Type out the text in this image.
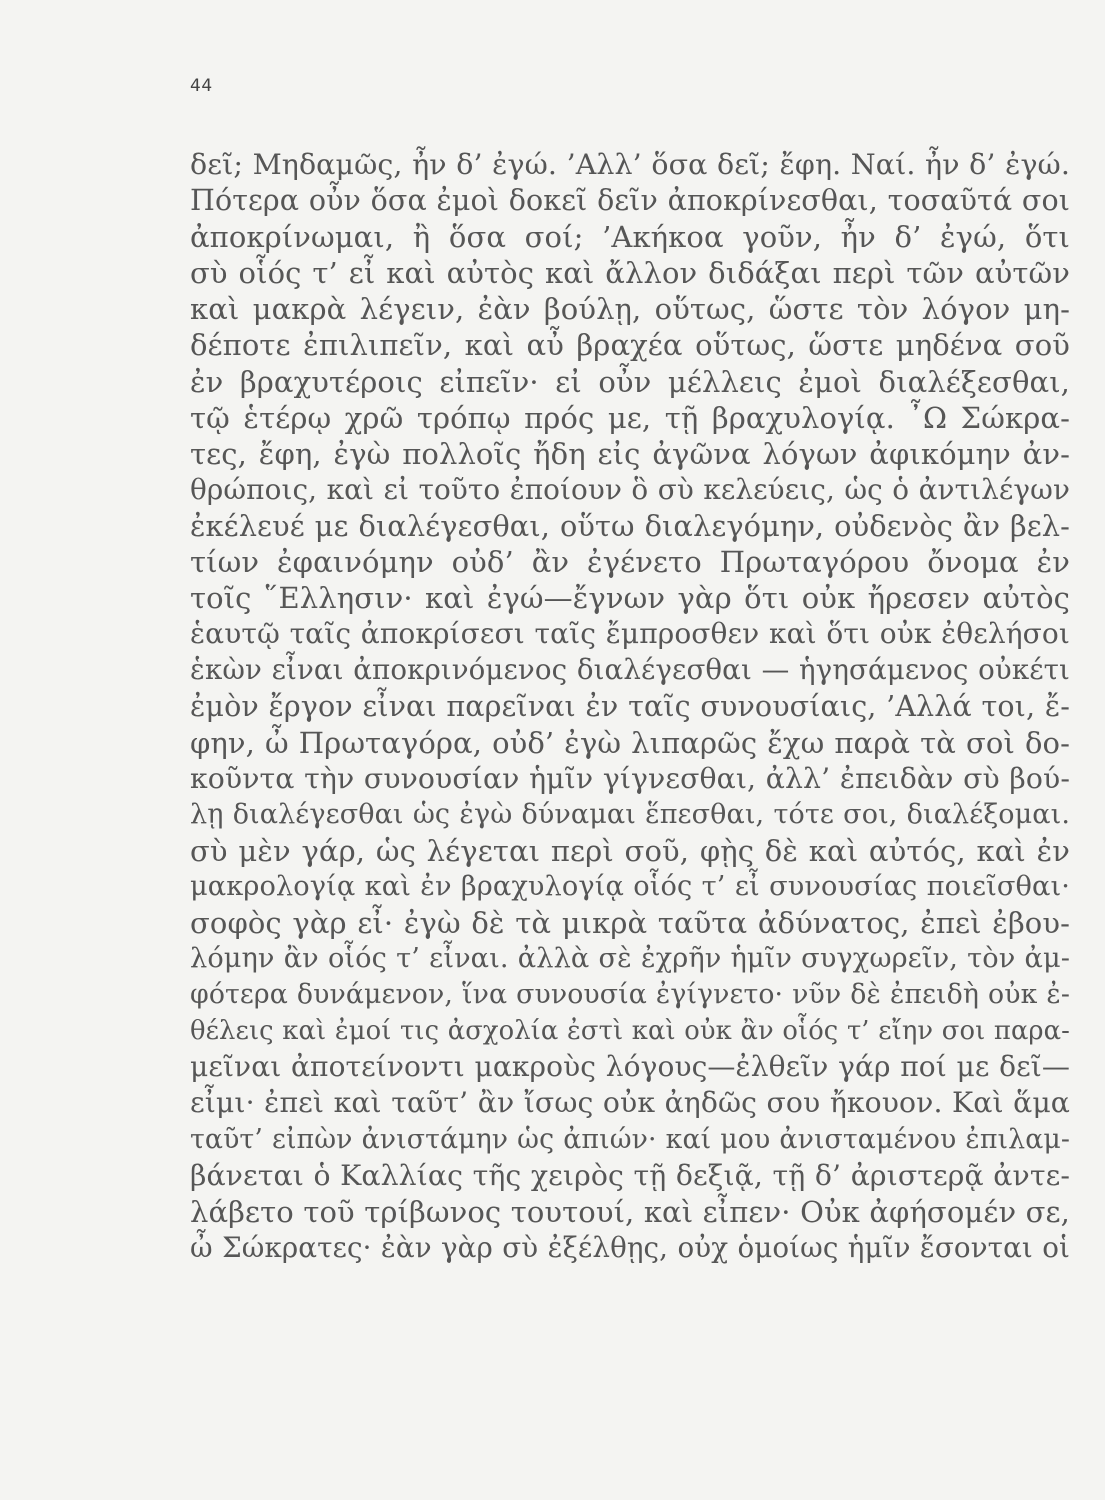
44
δεῖ; Μηδαμῶς, ἦν δ’ ἐγώ. ’Αλλ’ ὅσα δεῖ; ἔφη. Ναί. ἦν δ’ ἐγώ.
Πότερα οὖν ὅσα ἐμοὶ δοκεῖ δεῖν ἀποκρίνεσθαι, τοσαῦτά σοι
ἀποκρίνωμαι, ἢ ὅσα σοί; ’Ακήκοα γοῦν, ἦν δ’ ἐγώ, ὅτι
σὺ οἷός τ’ εἶ καὶ αὐτὸς καὶ ἄλλον διδάξαι περὶ τῶν αὐτῶν
καὶ μακρὰ λέγειν, ἐὰν βούλῃ, οὕτως, ὥστε τὸν λόγον μη-
δέποτε ἐπιλιπεῖν, καὶ αὖ βραχέα οὕτως, ὥστε μηδένα σοῦ
ἐν βραχυτέροις εἰπεῖν· εἰ οὖν μέλλεις ἐμοὶ διαλέξεσθαι,
τῷ ἑτέρῳ χρῶ τρόπῳ πρός με, τῇ βραχυλογίᾳ. ῏Ω Σώκρα-
τες, ἔφη, ἐγὼ πολλοῖς ἤδη εἰς ἀγῶνα λόγων ἀφικόμην ἀν-
θρώποις, καὶ εἰ τοῦτο ἐποίουν ὃ σὺ κελεύεις, ὡς ὁ ἀντιλέγων
ἐκέλευέ με διαλέγεσθαι, οὕτω διαλεγόμην, οὐδενὸς ἂν βελ-
τίων ἐφαινόμην οὐδ’ ἂν ἐγένετο Πρωταγόρου ὄνομα ἐν
τοῖς ῞Ελλησιν· καὶ ἐγώ—ἔγνων γὰρ ὅτι οὐκ ἤρεσεν αὐτὸς
ἑαυτῷ ταῖς ἀποκρίσεσι ταῖς ἔμπροσθεν καὶ ὅτι οὐκ ἐθελήσοι
ἑκὼν εἶναι ἀποκρινόμενος διαλέγεσθαι — ἡγησάμενος οὐκέτι
ἐμὸν ἔργον εἶναι παρεῖναι ἐν ταῖς συνουσίαις, ’Αλλά τοι, ἔ-
φην, ὦ Πρωταγόρα, οὐδ’ ἐγὼ λιπαρῶς ἔχω παρὰ τὰ σοὶ δο-
κοῦντα τὴν συνουσίαν ἡμῖν γίγνεσθαι, ἀλλ’ ἐπειδὰν σὺ βού-
λῃ διαλέγεσθαι ὡς ἐγὼ δύναμαι ἕπεσθαι, τότε σοι, διαλέξομαι.
σὺ μὲν γάρ, ὡς λέγεται περὶ σοῦ, φῂς δὲ καὶ αὐτός, καὶ ἐν
μακρολογίᾳ καὶ ἐν βραχυλογίᾳ οἷός τ’ εἶ συνουσίας ποιεῖσθαι·
σοφὸς γὰρ εἶ· ἐγὼ δὲ τὰ μικρὰ ταῦτα ἀδύνατος, ἐπεὶ ἐβου-
λόμην ἂν οἷός τ’ εἶναι. ἀλλὰ σὲ ἐχρῆν ἡμῖν συγχωρεῖν, τὸν ἀμ-
φότερα δυνάμενον, ἵνα συνουσία ἐγίγνετο· νῦν δὲ ἐπειδὴ οὐκ ἐ-
θέλεις καὶ ἐμοί τις ἀσχολία ἐστὶ καὶ οὐκ ἂν οἷός τ’ εἴην σοι παρα-
μεῖναι ἀποτείνοντι μακροὺς λόγους—ἐλθεῖν γάρ ποί με δεῖ—
εἶμι· ἐπεὶ καὶ ταῦτ’ ἂν ἴσως οὐκ ἀηδῶς σου ἤκουον. Καὶ ἅμα
ταῦτ’ εἰπὼν ἀνιστάμην ὡς ἀπιών· καί μου ἀνισταμένου ἐπιλαμ-
βάνεται ὁ Καλλίας τῆς χειρὸς τῇ δεξιᾷ, τῇ δ’ ἀριστερᾷ ἀντε-
λάβετο τοῦ τρίβωνος τουτουί, καὶ εἶπεν· Οὐκ ἀφήσομέν σε,
ὦ Σώκρατες· ἐὰν γὰρ σὺ ἐξέλθῃς, οὐχ ὁμοίως ἡμῖν ἔσονται οἱ
